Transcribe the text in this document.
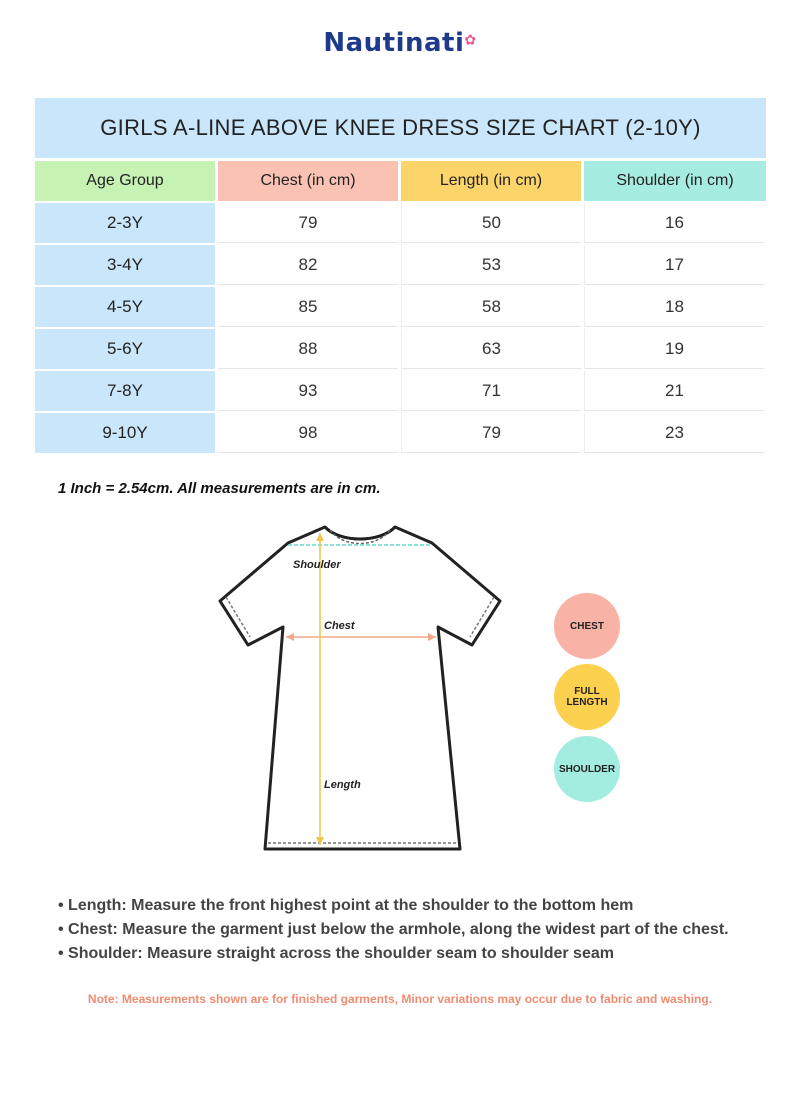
Nautinati✿
GIRLS A-LINE ABOVE KNEE DRESS SIZE CHART (2-10Y)
Age Group	Chest (in cm)	Length (in cm)	Shoulder (in cm)
2-3Y	79	50	16
3-4Y	82	53	17
4-5Y	85	58	18
5-6Y	88	63	19
7-8Y	93	71	21
9-10Y	98	79	23
1 Inch = 2.54cm. All measurements are in cm.
Shoulder
Chest
Length
CHEST
FULL
LENGTH
SHOULDER
• Length: Measure the front highest point at the shoulder to the bottom hem
• Chest: Measure the garment just below the armhole, along the widest part of the chest.
• Shoulder: Measure straight across the shoulder seam to shoulder seam
Note: Measurements shown are for finished garments, Minor variations may occur due to fabric and washing.
